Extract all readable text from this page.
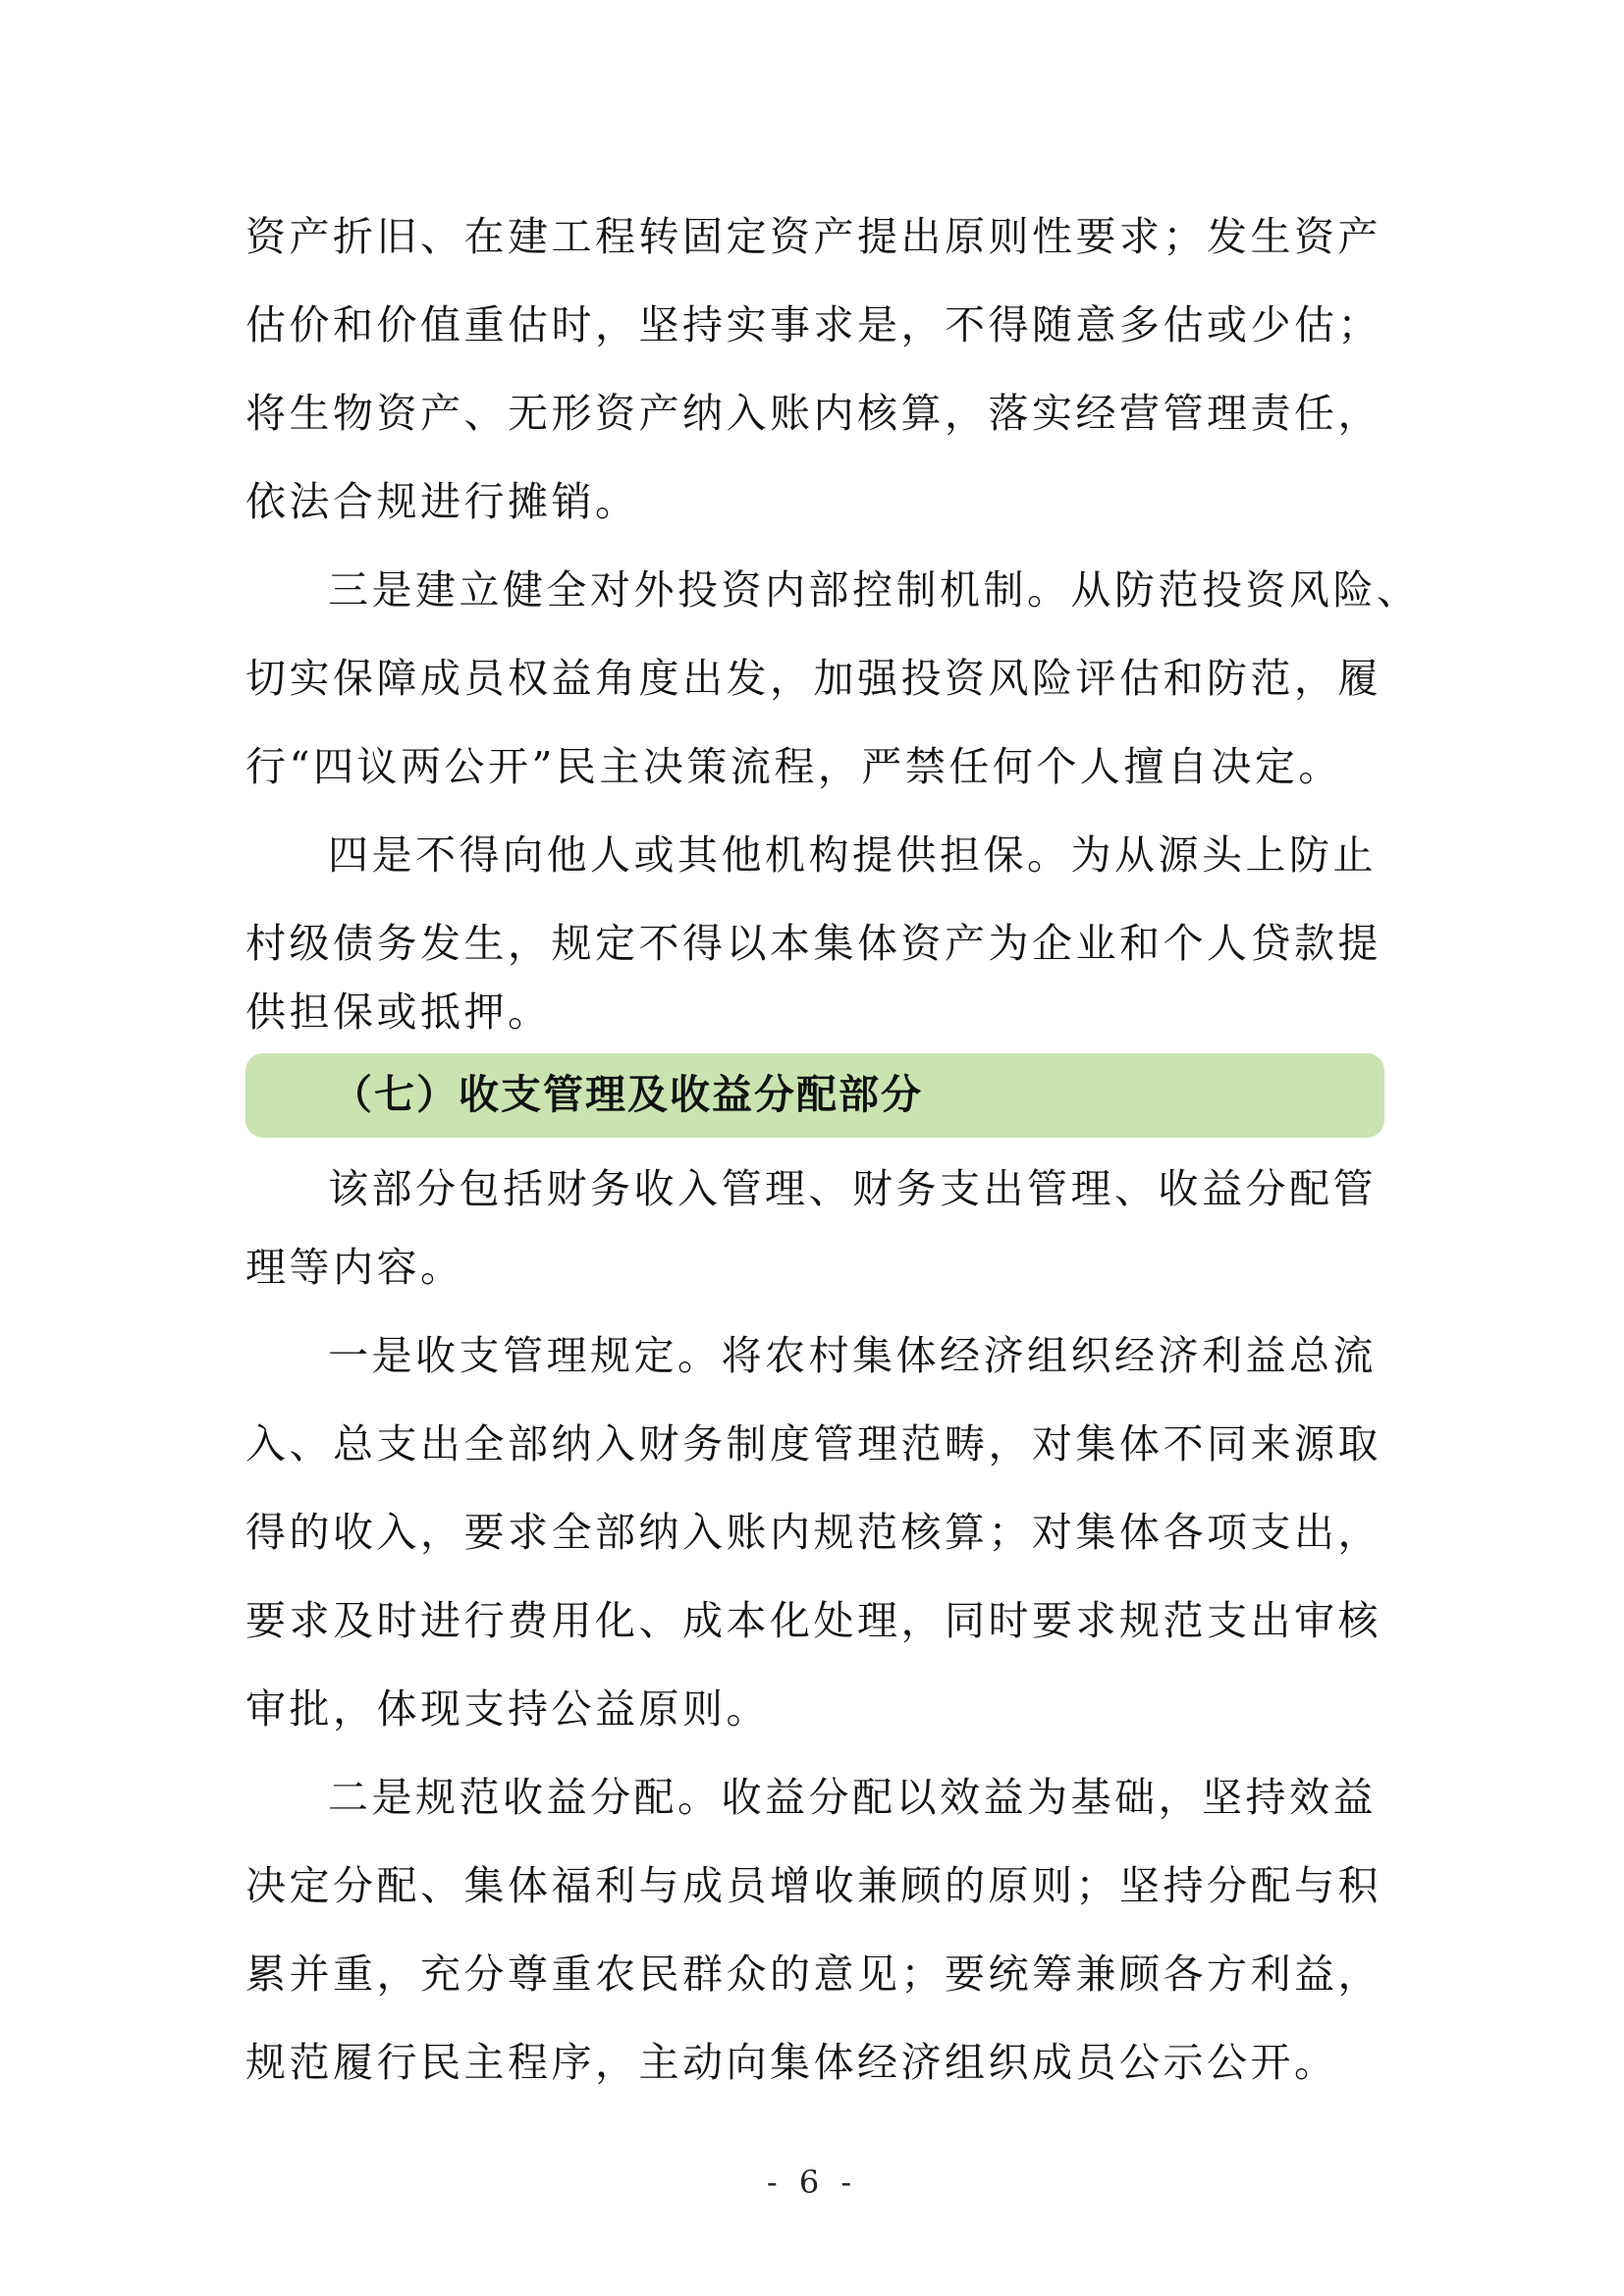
资产折旧、在建工程转固定资产提出原则性要求；发生资产
估价和价值重估时，坚持实事求是，不得随意多估或少估；
将生物资产、无形资产纳入账内核算，落实经营管理责任，
依法合规进行摊销。
三是建立健全对外投资内部控制机制。从防范投资风险、
切实保障成员权益角度出发，加强投资风险评估和防范，履
行“四议两公开”民主决策流程，严禁任何个人擅自决定。
四是不得向他人或其他机构提供担保。为从源头上防止
村级债务发生，规定不得以本集体资产为企业和个人贷款提
供担保或抵押。
（七）收支管理及收益分配部分
该部分包括财务收入管理、财务支出管理、收益分配管
理等内容。
一是收支管理规定。将农村集体经济组织经济利益总流
入、总支出全部纳入财务制度管理范畴，对集体不同来源取
得的收入，要求全部纳入账内规范核算；对集体各项支出，
要求及时进行费用化、成本化处理，同时要求规范支出审核
审批，体现支持公益原则。
二是规范收益分配。收益分配以效益为基础，坚持效益
决定分配、集体福利与成员增收兼顾的原则；坚持分配与积
累并重，充分尊重农民群众的意见；要统筹兼顾各方利益，
规范履行民主程序，主动向集体经济组织成员公示公开。
- 6 -
